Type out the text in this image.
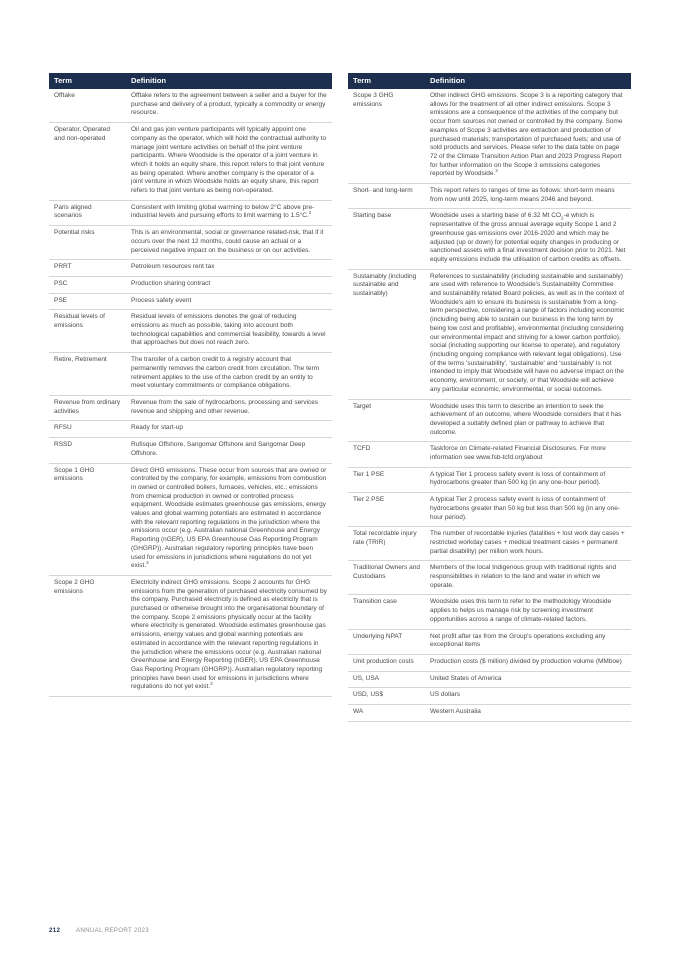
Term	Definition
Offtake	Offtake refers to the agreement between a seller and a buyer for the purchase and delivery of a product, typically a commodity or energy resource.
Operator, Operated and non-operated	Oil and gas join venture participants will typically appoint one company as the operator, which will hold the contractual authority to manage joint venture activities on behalf of the joint venture participants. Where Woodside is the operator of a joint venture in which it holds an equity share, this report refers to that joint venture as being operated. Where another company is the operator of a joint venture in which Woodside holds an equity share, this report refers to that joint venture as being non-operated.
Paris aligned scenarios	Consistent with limiting global warming to below 2°C above pre-industrial levels and pursuing efforts to limit warming to 1.5°C.$^2$
Potential risks	This is an environmental, social or governance related-risk, that if it occurs over the next 12 months, could cause an actual or a perceived negative impact on the business or on our activities.
PRRT	Petroleum resources rent tax
PSC	Production sharing contract
PSE	Process safety event
Residual levels of emissions	Residual levels of emissions denotes the goal of reducing emissions as much as possible, taking into account both technological capabilities and commercial feasibility, towards a level that approaches but does not reach zero.
Retire, Retirement	The transfer of a carbon credit to a registry account that permanently removes the carbon credit from circulation. The term retirement applies to the use of the carbon credit by an entity to meet voluntary commitments or compliance obligations.
Revenue from ordinary activities	Revenue from the sale of hydrocarbons, processing and services revenue and shipping and other revenue.
RFSU	Ready for start-up
RSSD	Rufisque Offshore, Sangomar Offshore and Sangomar Deep Offshore.
Scope 1 GHG emissions	Direct GHG emissions. These occur from sources that are owned or controlled by the company, for example, emissions from combustion in owned or controlled boilers, furnaces, vehicles, etc.; emissions from chemical production in owned or controlled process equipment. Woodside estimates greenhouse gas emissions, energy values and global warming potentials are estimated in accordance with the relevant reporting regulations in the jurisdiction where the emissions occur (e.g. Australian national Greenhouse and Energy Reporting (nGER), US EPA Greenhouse Gas Reporting Program (GHGRP)). Australian regulatory reporting principles have been used for emissions in jurisdictions where regulations do not yet exist.$^3$
Scope 2 GHG emissions	Electricity indirect GHG emissions. Scope 2 accounts for GHG emissions from the generation of purchased electricity consumed by the company. Purchased electricity is defined as electricity that is purchased or otherwise brought into the organisational boundary of the company. Scope 2 emissions physically occur at the facility where electricity is generated. Woodside estimates greenhouse gas emissions, energy values and global warming potentials are estimated in accordance with the relevant reporting regulations in the jurisdiction where the emissions occur (e.g. Australian national Greenhouse and Energy Reporting (nGER), US EPA Greenhouse Gas Reporting Program (GHGRP)). Australian regulatory reporting principles have been used for emissions in jurisdictions where regulations do not yet exist.$^3$
Term	Definition
Scope 3 GHG emissions	Other indirect GHG emissions. Scope 3 is a reporting category that allows for the treatment of all other indirect emissions. Scope 3 emissions are a consequence of the activities of the company but occur from sources not owned or controlled by the company. Some examples of Scope 3 activities are extraction and production of purchased materials; transportation of purchased fuels; and use of sold products and services. Please refer to the data table on page 72 of the Climate Transition Action Plan and 2023 Progress Report for further information on the Scope 3 emissions categories reported by Woodside.$^3$
Short- and long-term	This report refers to ranges of time as follows: short-term means from now until 2025, long-term means 2046 and beyond.
Starting base	Woodside uses a starting base of 6.32 Mt $CO_2-e$ which is representative of the gross annual average equity Scope 1 and 2 greenhouse gas emissions over 2016-2020 and which may be adjusted (up or down) for potential equity changes in producing or sanctioned assets with a final investment decision prior to 2021. Net equity emissions include the utilisation of carbon credits as offsets.
Sustainably (including sustainable and sustainably)	References to sustainability (including sustainable and sustainably) are used with reference to Woodside's Sustainability Committee and sustainability related Board policies, as well as in the context of Woodside's aim to ensure its business is sustainable from a long-term perspective, considering a range of factors including economic (including being able to sustain our business in the long term by being low cost and profitable), environmental (including considering our environmental impact and striving for a lower carbon portfolio), social (including supporting our license to operate), and regulatory (including ongoing compliance with relevant legal obligations). Use of the terms 'sustainability', 'sustainable' and 'sustainably' is not intended to imply that Woodside will have no adverse impact on the economy, environment, or society, or that Woodside will achieve any particular economic, environmental, or social outcomes.
Target	Woodside uses this term to describe an intention to seek the achievement of an outcome, where Woodside considers that it has developed a suitably defined plan or pathway to achieve that outcome.
TCFD	Taskforce on Climate-related Financial Disclosures. For more information see www.fsb-tcfd.org/about
Tier 1 PSE	A typical Tier 1 process safety event is loss of containment of hydrocarbons greater than 500 kg (in any one-hour period).
Tier 2 PSE	A typical Tier 2 process safety event is loss of containment of hydrocarbons greater than 50 kg but less than 500 kg (in any one-hour period).
Total recordable injury rate (TRIR)	The number of recordable injuries (fatalities + lost work day cases + restricted workday cases + medical treatment cases + permanent partial disability) per million work hours.
Traditional Owners and Custodians	Members of the local Indigenous group with traditional rights and responsibilities in relation to the land and water in which we operate.
Transition case	Woodside uses this term to refer to the methodology Woodside applies to helps us manage risk by screening investment opportunities across a range of climate-related factors.
Underlying NPAT	Net profit after tax from the Group's operations excluding any exceptional items
Unit production costs	Production costs ($ million) divided by production volume (MMboe)
US, USA	United States of America
USD, US$	US dollars
WA	Western Australia
212	ANNUAL REPORT 2023
